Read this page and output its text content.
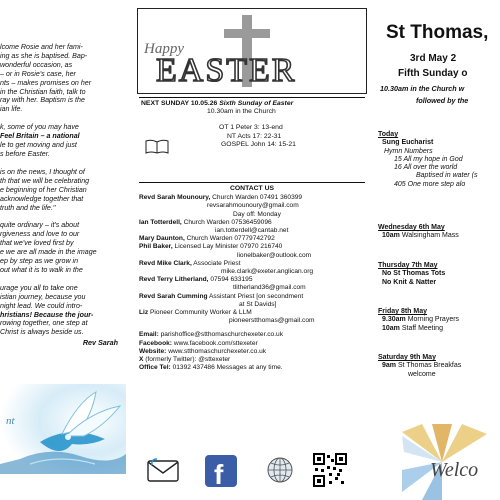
lcome Rosie and her fami-
ing as she is baptised. Bap-
wonderful occasion, as
– or in Rosie's case, her
nts – makes promises on her
in the Christian faith, talk to
ray with her. Baptism is the
ian life.

k, some of you may have
Feel Britain – a national
le to get moving and just
s before Easter.

is on the news, I thought of
th that we will be celebrating
e beginning of her Christian
acknowledge together that
truth and the life."

quite ordinary – it's about
rgiveness and love to our
that we've loved first by
e we are all made in the image
ep by step as we grow in
out what it is to walk in the

urage you all to take one
istian journey, because you
night lead. We could intro-
hristians! Because the jour-
rowing together, one step at
Christ is always beside us.

Rev Sarah
nt
Happy
EASTER
NEXT SUNDAY 10.05.26 Sixth Sunday of Easter
10.30am in the Church
OT 1 Peter 3: 13-end
NT Acts 17: 22-31
GOSPEL John 14: 15-21
CONTACT US
Revd Sarah Mounoury, Church Warden 07491 360399
revsarahmounoury@gmail.com
Day off: Monday
Ian Totterdell, Church Warden 07536459096
ian.totterdell@cantab.net
Mary Daunton, Church Warden 07779742792
Phil Baker, Licensed Lay Minister 07970 216740
lionelbaker@outlook.com
Revd Mike Clark, Associate Priest
mike.clark@exeter.anglican.org
Revd Terry Litherland, 07594 633195
tlitherland36@gmail.com
Revd Sarah Cumming Assistant Priest [on secondment
at St Davids]
Liz Pioneer Community Worker & LLM
pioneerstthomas@gmail.com
Email: parishoffice@stthomaschurchexeter.co.uk
Facebook: www.facebook.com/sttexeter
Website: www.stthomaschurchexeter.co.uk
X (formerly Twitter): @sttexeter
Office Tel: 01392 437486 Messages at any time.
f
St Thomas,
3rd May 2
Fifth Sunday o
10.30am in the Church w
followed by the
Today
Sung Eucharist
Hymn Numbers
15 All my hope in God
16 All over the world
Baptised in water (s
405 One more step alo
Wednesday 6th May
10am Walsingham Mass
Thursday 7th May
No St Thomas Tots
No Knit & Natter
Friday 8th May
9.30am Morning Prayers
10am Staff Meeting
Saturday 9th May
9am St Thomas Breakfas
welcome
Welco
